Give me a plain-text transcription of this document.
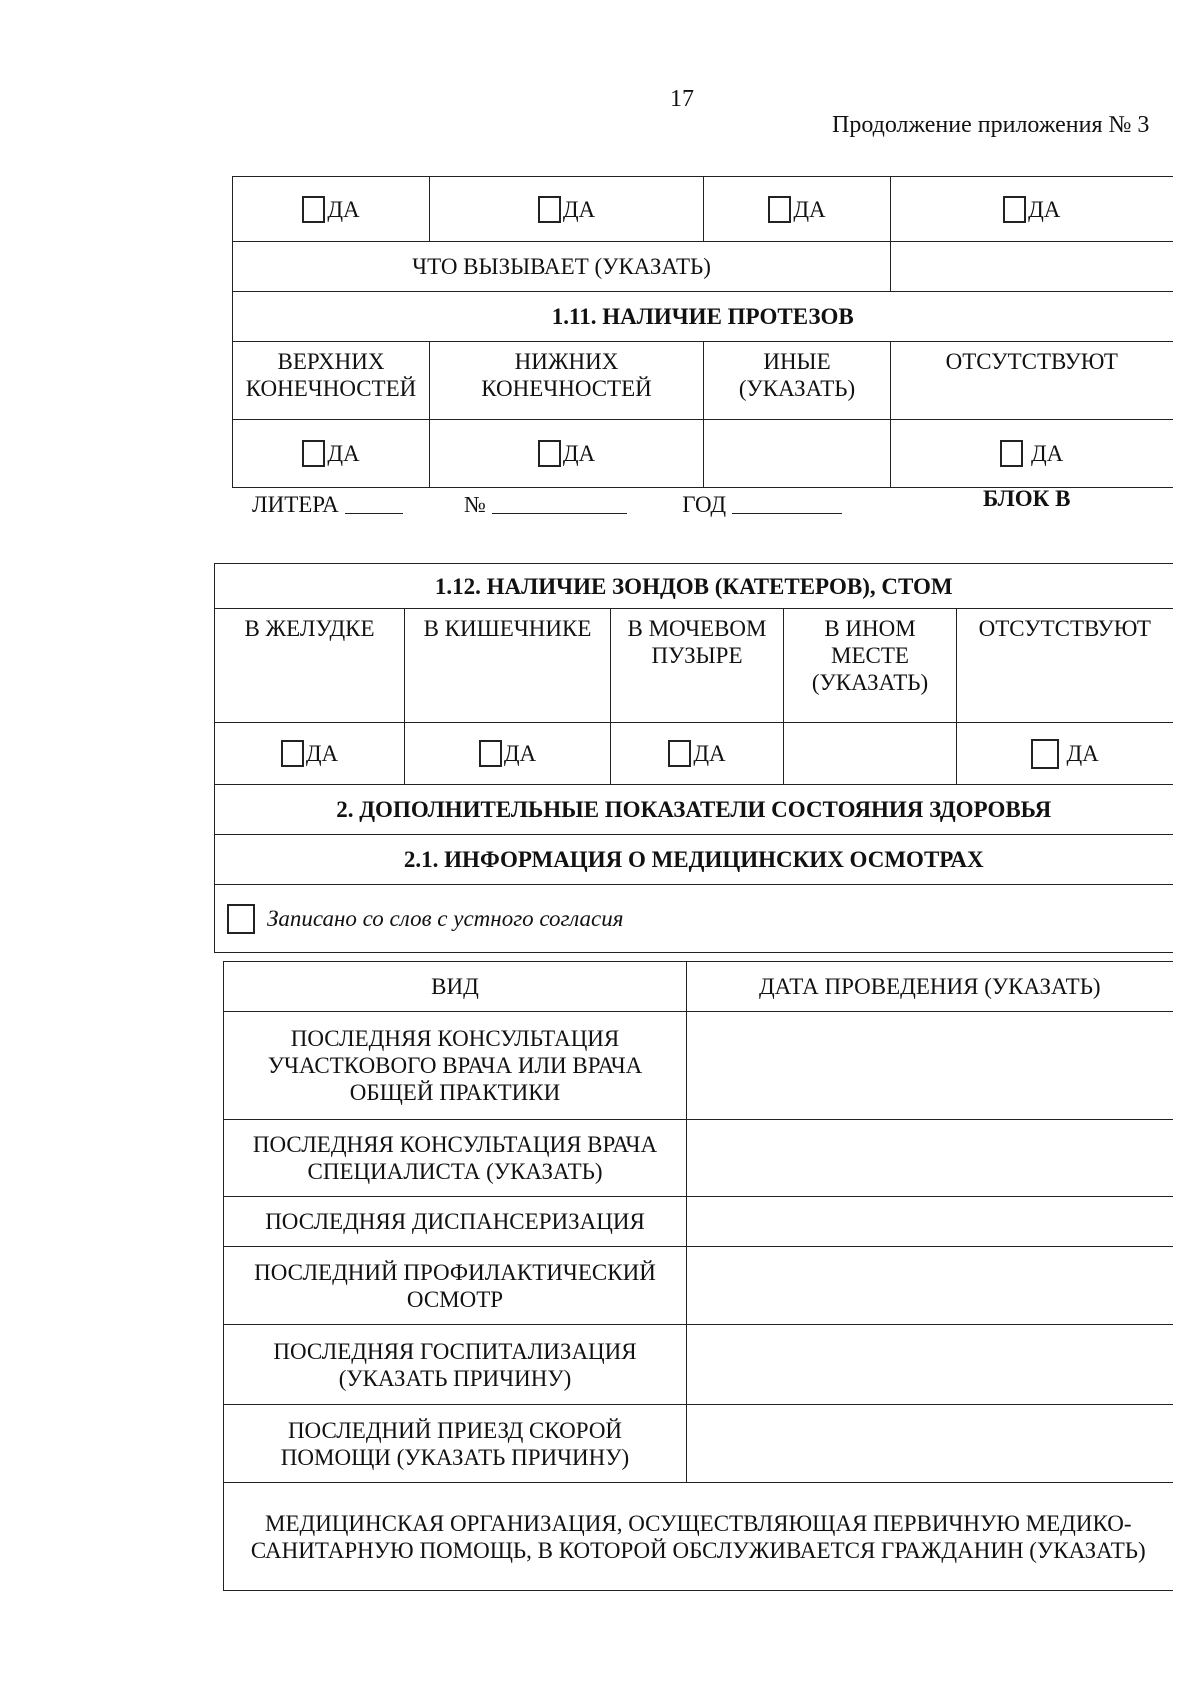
17
Продолжение приложения № 3
ДА	ДА	ДА	ДА
ЧТО ВЫЗЫВАЕТ (УКАЗАТЬ)			
1.11. НАЛИЧИЕ ПРОТЕЗОВ			
ВЕРХНИХ КОНЕЧНОСТЕЙ	НИЖНИХ КОНЕЧНОСТЕЙ	ИНЫЕ (УКАЗАТЬ)	ОТСУТСТВУЮТ
ДА	ДА		ДА
ЛИТЕРА	№	ГОД	БЛОК В
1.12. НАЛИЧИЕ ЗОНДОВ (КАТЕТЕРОВ), СТОМ				
В ЖЕЛУДКЕ	В КИШЕЧНИКЕ	В МОЧЕВОМ ПУЗЫРЕ	В ИНОМ МЕСТЕ (УКАЗАТЬ)	ОТСУТСТВУЮТ
ДА	ДА	ДА		ДА
2. ДОПОЛНИТЕЛЬНЫЕ ПОКАЗАТЕЛИ СОСТОЯНИЯ ЗДОРОВЬЯ				
2.1. ИНФОРМАЦИЯ О МЕДИЦИНСКИХ ОСМОТРАХ				
Записано со слов с устного согласия				
ВИД	ДАТА ПРОВЕДЕНИЯ (УКАЗАТЬ)
ПОСЛЕДНЯЯ КОНСУЛЬТАЦИЯ УЧАСТКОВОГО ВРАЧА ИЛИ ВРАЧА ОБЩЕЙ ПРАКТИКИ	
ПОСЛЕДНЯЯ КОНСУЛЬТАЦИЯ ВРАЧА СПЕЦИАЛИСТА (УКАЗАТЬ)	
ПОСЛЕДНЯЯ ДИСПАНСЕРИЗАЦИЯ	
ПОСЛЕДНИЙ ПРОФИЛАКТИЧЕСКИЙ ОСМОТР	
ПОСЛЕДНЯЯ ГОСПИТАЛИЗАЦИЯ (УКАЗАТЬ ПРИЧИНУ)	
ПОСЛЕДНИЙ ПРИЕЗД СКОРОЙ ПОМОЩИ (УКАЗАТЬ ПРИЧИНУ)	
МЕДИЦИНСКАЯ ОРГАНИЗАЦИЯ, ОСУЩЕСТВЛЯЮЩАЯ ПЕРВИЧНУЮ МЕДИКО-САНИТАРНУЮ ПОМОЩЬ, В КОТОРОЙ ОБСЛУЖИВАЕТСЯ ГРАЖДАНИН (УКАЗАТЬ)	
